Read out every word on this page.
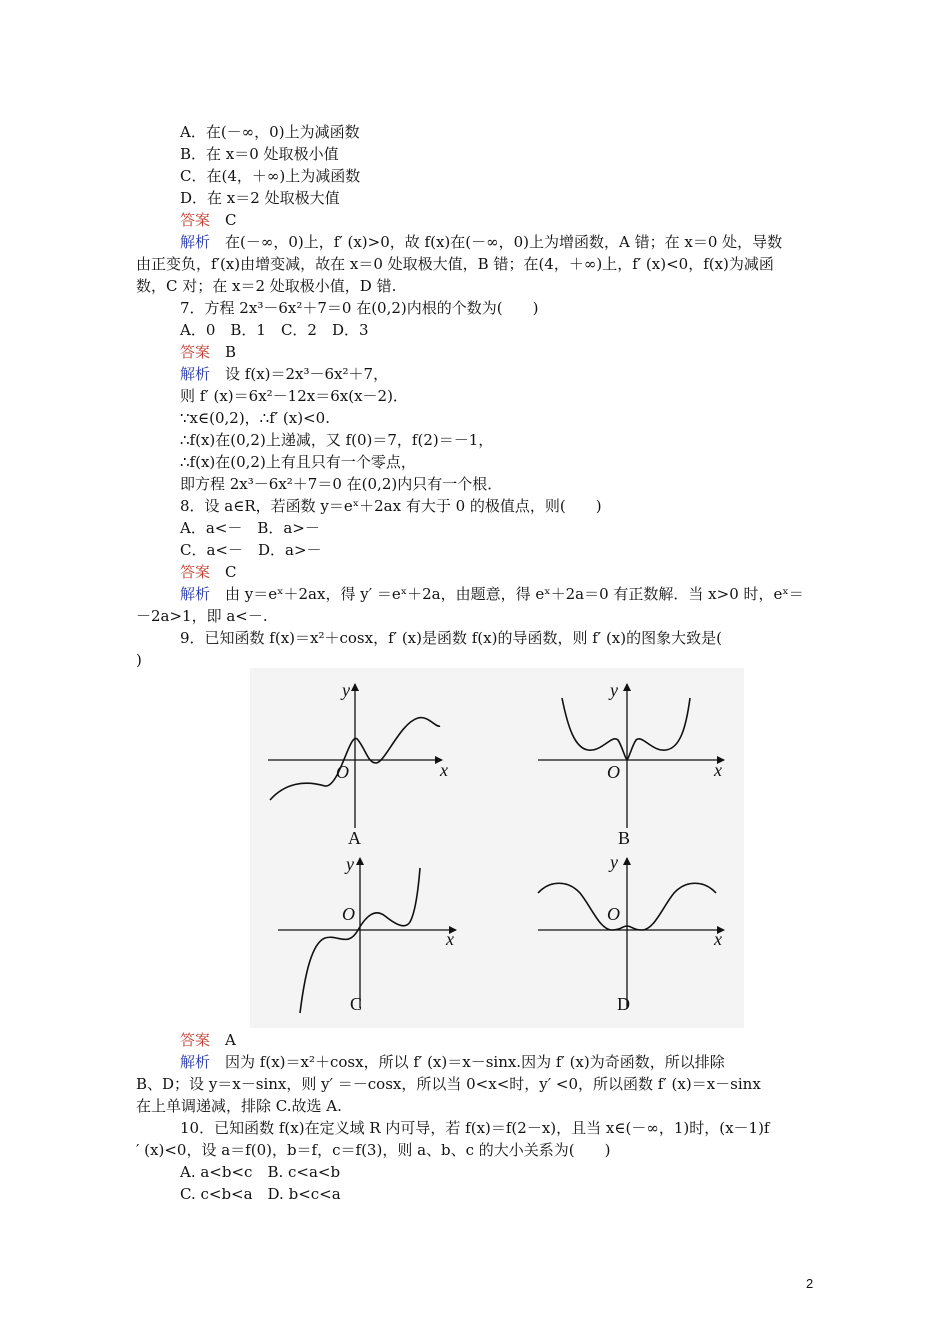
A．在(－∞，0)上为减函数
B．在 x＝0 处取极小值
C．在(4，＋∞)上为减函数
D．在 x＝2 处取极大值
答案　 C
解析　 在(－∞，0)上，f′ (x)>0，故 f(x)在(－∞，0)上为增函数，A 错；在 x＝0 处，导数
由正变负，f′(x)由增变减，故在 x＝0 处取极大值，B 错；在(4，＋∞)上，f′ (x)<0，f(x)为减函
数，C 对；在 x＝2 处取极小值，D 错.
7．方程 2x³－6x²＋7＝0 在(0,2)内根的个数为(　　)
A．0　B．1　C．2　D．3
答案　 B
解析　 设 f(x)＝2x³－6x²＋7，
则 f′ (x)＝6x²－12x＝6x(x－2)．
∵x∈(0,2)，∴f′ (x)<0.
∴f(x)在(0,2)上递减，又 f(0)＝7，f(2)＝－1，
∴f(x)在(0,2)上有且只有一个零点，
即方程 2x³－6x²＋7＝0 在(0,2)内只有一个根．
8．设 a∈R，若函数 y＝eˣ＋2ax 有大于 0 的极值点，则(　　)
A．a<－　B．a>－
C．a<－　D．a>－
答案　 C
解析　 由 y＝eˣ＋2ax，得 y′ ＝eˣ＋2a，由题意，得 eˣ＋2a＝0 有正数解．当 x>0 时，eˣ＝
－2a>1，即 a<－.
9．已知函数 f(x)＝x²＋cosx，f′ (x)是函数 f(x)的导函数，则 f′ (x)的图象大致是(
)
y
x
O
A
y
x
O
B
y
x
O
C
y
x
O
D
答案　 A
解析　 因为 f(x)＝x²＋cosx，所以 f′ (x)＝x－sinx.因为 f′ (x)为奇函数，所以排除
B、D；设 y＝x－sinx，则 y′ ＝－cosx，所以当 0<x<时，y′ <0，所以函数 f′ (x)＝x－sinx
在上单调递减，排除 C.故选 A.
10．已知函数 f(x)在定义域 R 内可导，若 f(x)＝f(2－x)，且当 x∈(－∞，1)时，(x－1)f
′ (x)<0，设 a＝f(0)，b＝f，c＝f(3)，则 a、b、c 的大小关系为(　　)
A. a<b<c　B. c<a<b
C. c<b<a　D. b<c<a
2
